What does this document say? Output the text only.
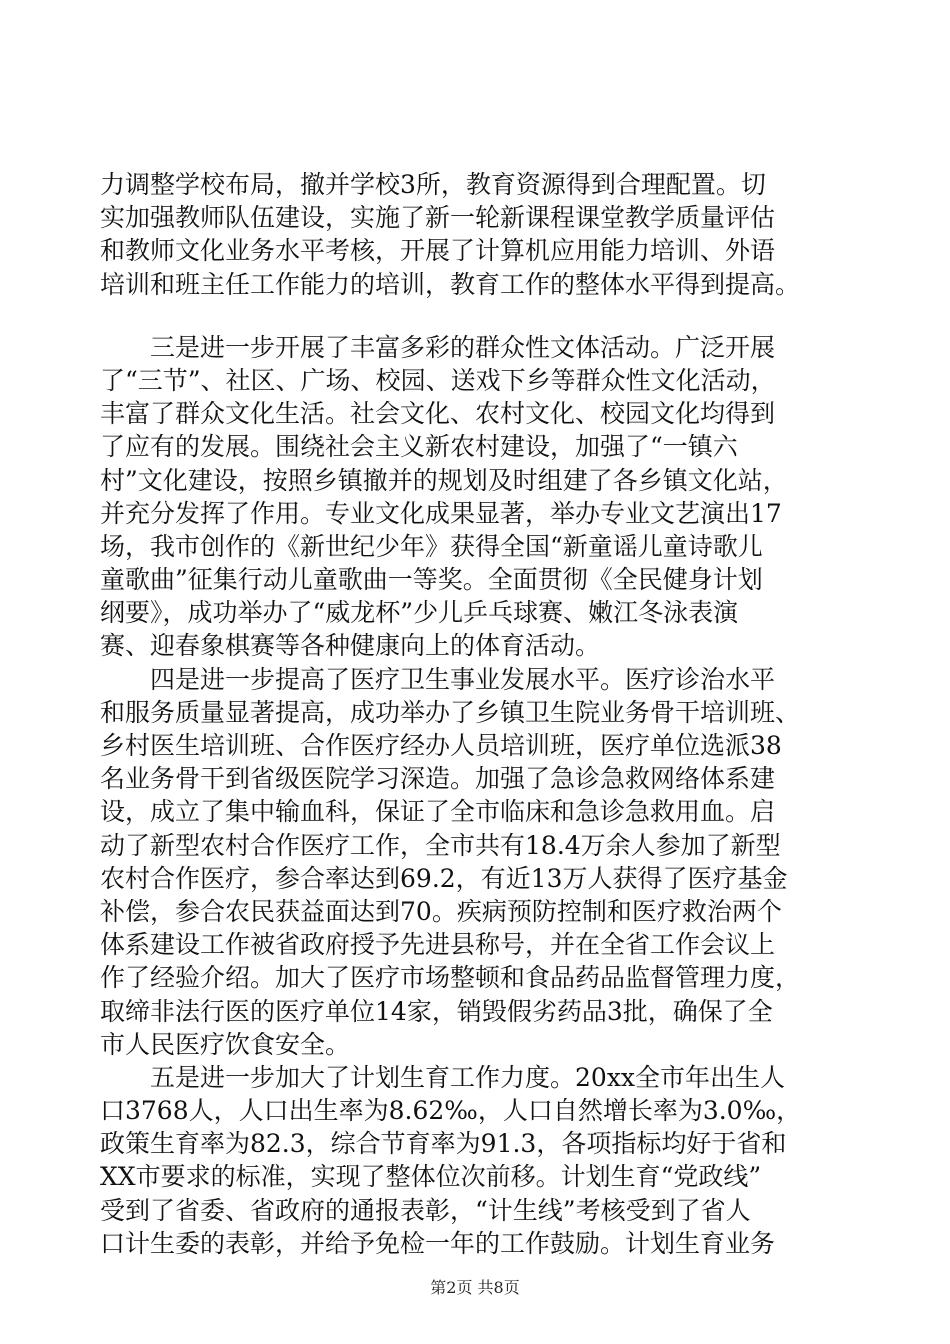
力调整学校布局，撤并学校3所，教育资源得到合理配置。切
实加强教师队伍建设，实施了新一轮新课程课堂教学质量评估
和教师文化业务水平考核，开展了计算机应用能力培训、外语
培训和班主任工作能力的培训，教育工作的整体水平得到提高。
　　三是进一步开展了丰富多彩的群众性文体活动。广泛开展
了“三节”、社区、广场、校园、送戏下乡等群众性文化活动，
丰富了群众文化生活。社会文化、农村文化、校园文化均得到
了应有的发展。围绕社会主义新农村建设，加强了“一镇六
村”文化建设，按照乡镇撤并的规划及时组建了各乡镇文化站，
并充分发挥了作用。专业文化成果显著，举办专业文艺演出17
场，我市创作的《新世纪少年》获得全国“新童谣儿童诗歌儿
童歌曲”征集行动儿童歌曲一等奖。全面贯彻《全民健身计划
纲要》，成功举办了“威龙杯”少儿乒乓球赛、嫩江冬泳表演
赛、迎春象棋赛等各种健康向上的体育活动。
　　四是进一步提高了医疗卫生事业发展水平。医疗诊治水平
和服务质量显著提高，成功举办了乡镇卫生院业务骨干培训班、
乡村医生培训班、合作医疗经办人员培训班，医疗单位选派38
名业务骨干到省级医院学习深造。加强了急诊急救网络体系建
设，成立了集中输血科，保证了全市临床和急诊急救用血。启
动了新型农村合作医疗工作，全市共有18.4万余人参加了新型
农村合作医疗，参合率达到69.2，有近13万人获得了医疗基金
补偿，参合农民获益面达到70。疾病预防控制和医疗救治两个
体系建设工作被省政府授予先进县称号，并在全省工作会议上
作了经验介绍。加大了医疗市场整顿和食品药品监督管理力度，
取缔非法行医的医疗单位14家，销毁假劣药品3批，确保了全
市人民医疗饮食安全。
　　五是进一步加大了计划生育工作力度。20xx全市年出生人
口3768人，人口出生率为8.62‰，人口自然增长率为3.0‰，
政策生育率为82.3，综合节育率为91.3，各项指标均好于省和
XX市要求的标准，实现了整体位次前移。计划生育“党政线”
受到了省委、省政府的通报表彰，“计生线”考核受到了省人
口计生委的表彰，并给予免检一年的工作鼓励。计划生育业务
第2页 共8页
